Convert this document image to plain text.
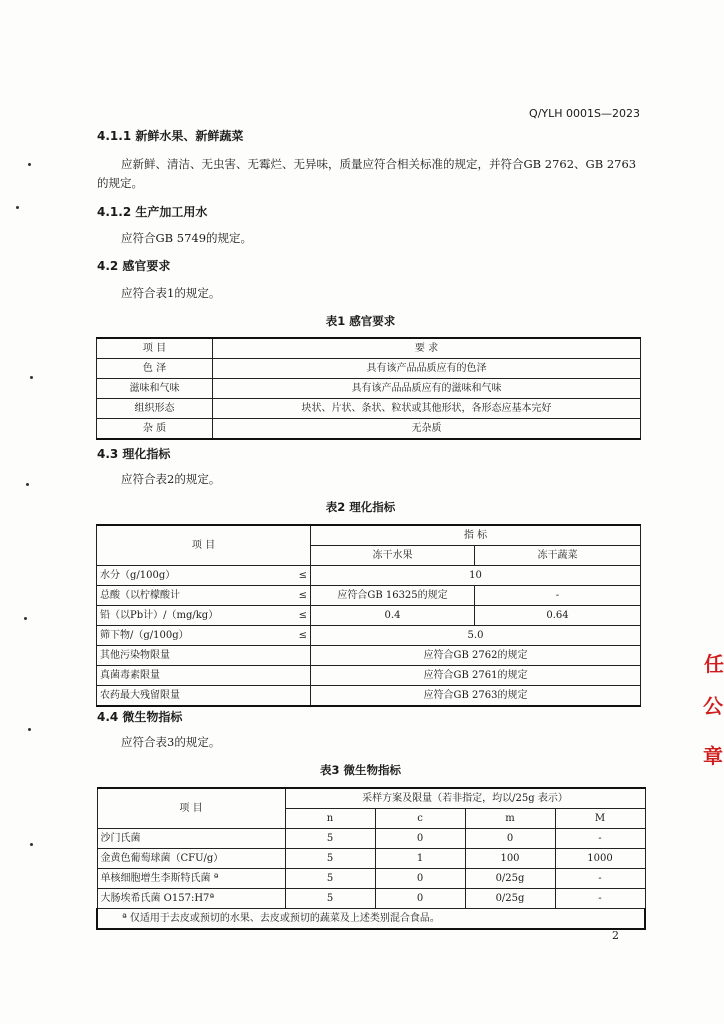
Q/YLH 0001S—2023
4.1.1 新鲜水果、新鲜蔬菜
应新鲜、清洁、无虫害、无霉烂、无异味，质量应符合相关标准的规定，并符合GB 2762、GB 2763
的规定。
4.1.2 生产加工用水
应符合GB 5749的规定。
4.2 感官要求
应符合表1的规定。
表1 感官要求
项 目	要 求
色 泽	具有该产品品质应有的色泽
滋味和气味	具有该产品品质应有的滋味和气味
组织形态	块状、片状、条状、粒状或其他形状，各形态应基本完好
杂 质	无杂质
4.3 理化指标
应符合表2的规定。
表2 理化指标
项 目		指 标	
		冻干水果	冻干蔬菜
水分（g/100g）	≤	10	
总酸（以柠檬酸计	≤	应符合GB 16325的规定	-
铅（以Pb计）/（mg/kg）	≤	0.4	0.64
筛下物/（g/100g）	≤	5.0	
其他污染物限量		应符合GB 2762的规定	
真菌毒素限量		应符合GB 2761的规定	
农药最大残留限量		应符合GB 2763的规定	
4.4 微生物指标
应符合表3的规定。
表3 微生物指标
项 目	采样方案及限量（若非指定，均以/25g 表示）			
	n	c	m	M
沙门氏菌	5	0	0	-
金黄色葡萄球菌（CFU/g）	5	1	100	1000
单核细胞增生李斯特氏菌 ª	5	0	0/25g	-
大肠埃希氏菌 O157:H7ª	5	0	0/25g	-
ª 仅适用于去皮或预切的水果、去皮或预切的蔬菜及上述类别混合食品。				
2
任
公
章
